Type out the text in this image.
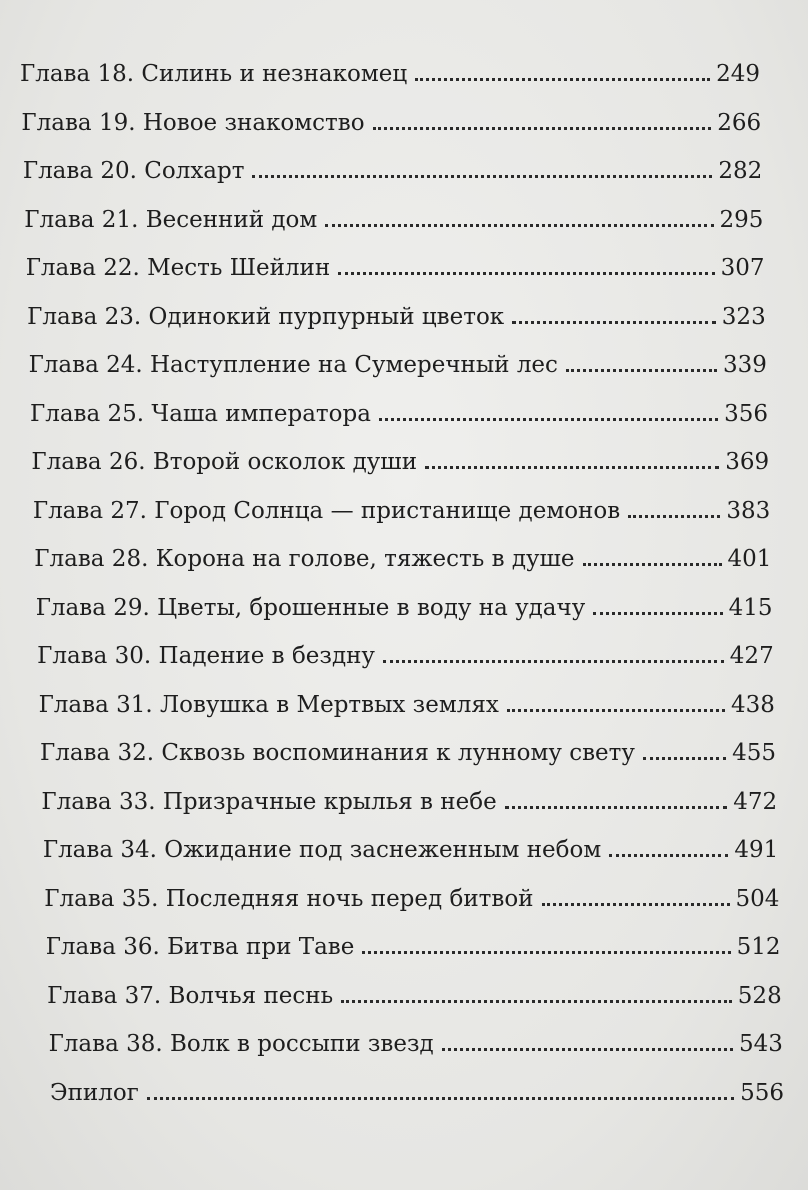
Глава 18. Силинь и незнакомец	249
Глава 19. Новое знакомство	266
Глава 20. Солхарт	282
Глава 21. Весенний дом	295
Глава 22. Месть Шейлин	307
Глава 23. Одинокий пурпурный цветок	323
Глава 24. Наступление на Сумеречный лес	339
Глава 25. Чаша императора	356
Глава 26. Второй осколок души	369
Глава 27. Город Солнца — пристанище демонов	383
Глава 28. Корона на голове, тяжесть в душе	401
Глава 29. Цветы, брошенные в воду на удачу	415
Глава 30. Падение в бездну	427
Глава 31. Ловушка в Мертвых землях	438
Глава 32. Сквозь воспоминания к лунному свету	455
Глава 33. Призрачные крылья в небе	472
Глава 34. Ожидание под заснеженным небом	491
Глава 35. Последняя ночь перед битвой	504
Глава 36. Битва при Таве	512
Глава 37. Волчья песнь	528
Глава 38. Волк в россыпи звезд	543
Эпилог	556
